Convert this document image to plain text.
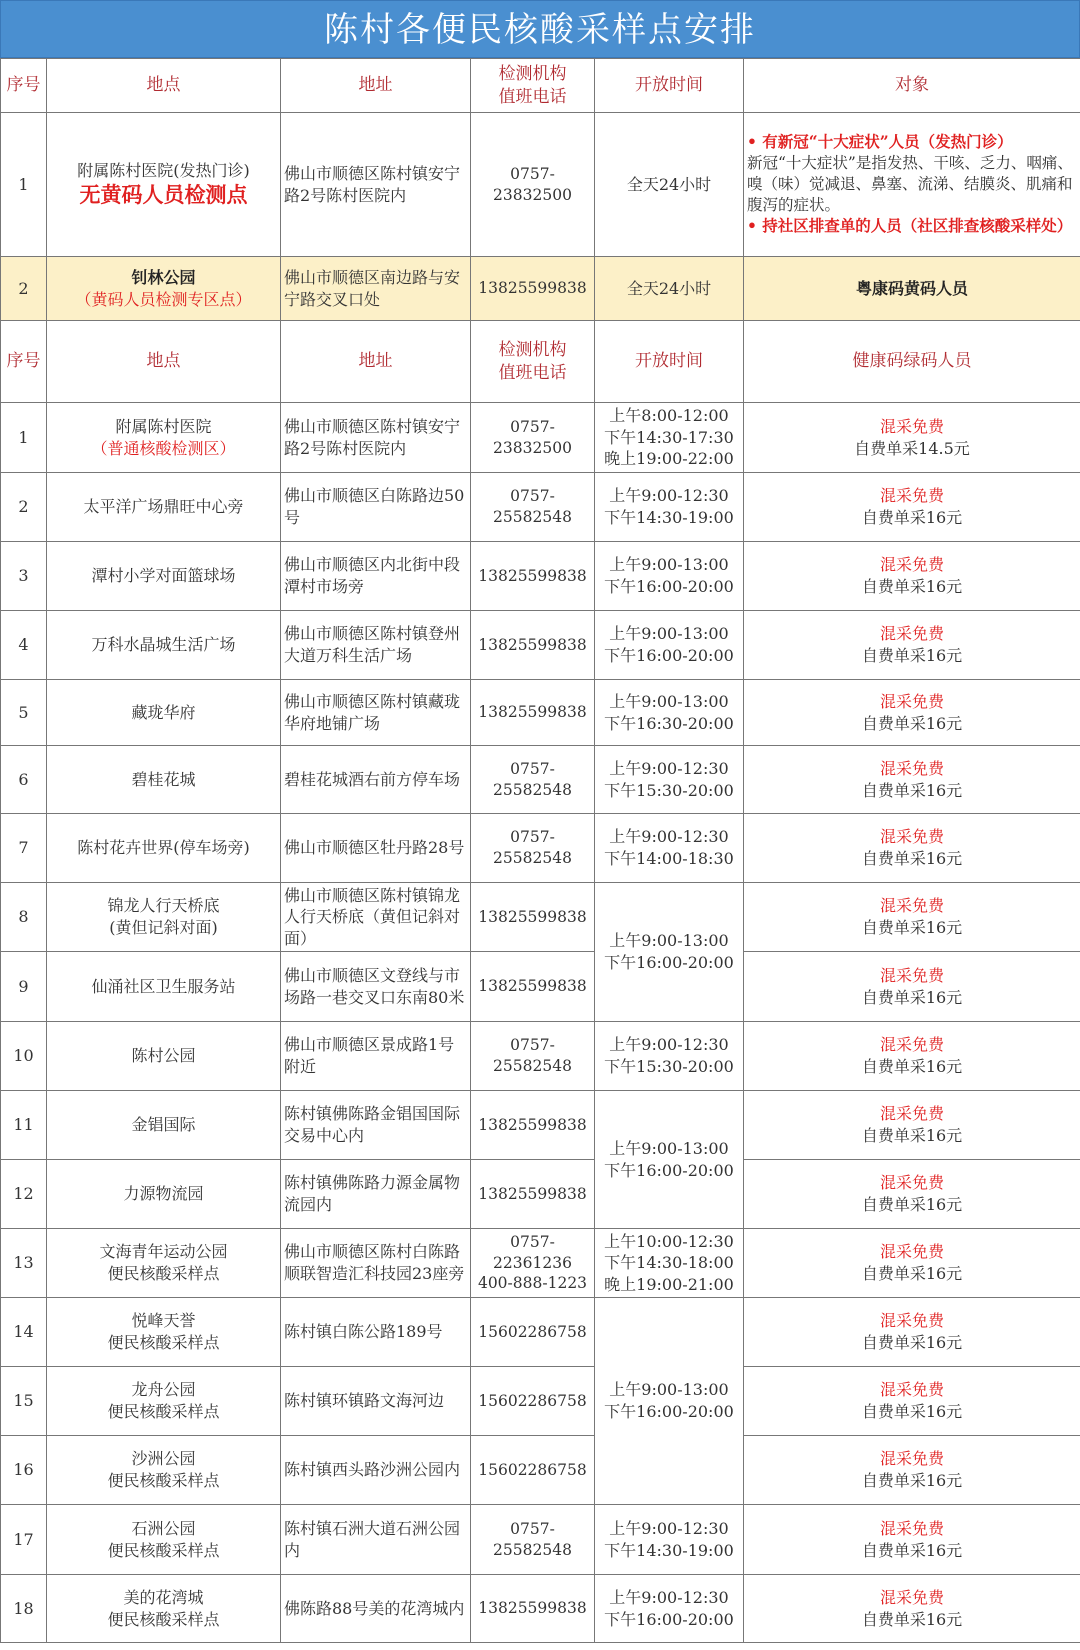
陈村各便民核酸采样点安排
序号	地点	地址	检测机构
值班电话	开放时间	对象
1	附属陈村医院(发热门诊)
无黄码人员检测点	佛山市顺德区陈村镇安宁路2号陈村医院内	0757-23832500	全天24小时	• 有新冠“十大症状”人员（发热门诊）
新冠“十大症状”是指发热、干咳、乏力、咽痛、嗅（味）觉减退、鼻塞、流涕、结膜炎、肌痛和腹泻的症状。
• 持社区排查单的人员（社区排查核酸采样处）
2	钊林公园
（黄码人员检测专区点）	佛山市顺德区南边路与安宁路交叉口处	13825599838	全天24小时	粤康码黄码人员
序号	地点	地址	检测机构
值班电话	开放时间	健康码绿码人员
1	附属陈村医院
（普通核酸检测区）	佛山市顺德区陈村镇安宁路2号陈村医院内	0757-23832500	上午8:00-12:00
下午14:30-17:30
晚上19:00-22:00	混采免费
自费单采14.5元
2	太平洋广场鼎旺中心旁	佛山市顺德区白陈路边50号	0757-25582548	上午9:00-12:30
下午14:30-19:00	混采免费
自费单采16元
3	潭村小学对面篮球场	佛山市顺德区内北街中段潭村市场旁	13825599838	上午9:00-13:00
下午16:00-20:00	混采免费
自费单采16元
4	万科水晶城生活广场	佛山市顺德区陈村镇登州大道万科生活广场	13825599838	上午9:00-13:00
下午16:00-20:00	混采免费
自费单采16元
5	藏珑华府	佛山市顺德区陈村镇藏珑华府地铺广场	13825599838	上午9:00-13:00
下午16:30-20:00	混采免费
自费单采16元
6	碧桂花城	碧桂花城酒右前方停车场	0757-25582548	上午9:00-12:30
下午15:30-20:00	混采免费
自费单采16元
7	陈村花卉世界(停车场旁)	佛山市顺德区牡丹路28号	0757-25582548	上午9:00-12:30
下午14:00-18:30	混采免费
自费单采16元
8	锦龙人行天桥底
(黄但记斜对面)	佛山市顺德区陈村镇锦龙人行天桥底（黄但记斜对面）	13825599838	上午9:00-13:00
下午16:00-20:00	混采免费
自费单采16元
9	仙涌社区卫生服务站	佛山市顺德区文登线与市场路一巷交叉口东南80米	13825599838		混采免费
自费单采16元
10	陈村公园	佛山市顺德区景成路1号附近	0757-25582548	上午9:00-12:30
下午15:30-20:00	混采免费
自费单采16元
11	金锠国际	陈村镇佛陈路金锠国国际交易中心内	13825599838	上午9:00-13:00
下午16:00-20:00	混采免费
自费单采16元
12	力源物流园	陈村镇佛陈路力源金属物流园内	13825599838		混采免费
自费单采16元
13	文海青年运动公园
便民核酸采样点	佛山市顺德区陈村白陈路顺联智造汇科技园23座旁	0757-22361236
400-888-1223	上午10:00-12:30
下午14:30-18:00
晚上19:00-21:00	混采免费
自费单采16元
14	悦峰天誉
便民核酸采样点	陈村镇白陈公路189号	15602286758	上午9:00-13:00
下午16:00-20:00	混采免费
自费单采16元
15	龙舟公园
便民核酸采样点	陈村镇环镇路文海河边	15602286758		混采免费
自费单采16元
16	沙洲公园
便民核酸采样点	陈村镇西头路沙洲公园内	15602286758		混采免费
自费单采16元
17	石洲公园
便民核酸采样点	陈村镇石洲大道石洲公园内	0757-25582548	上午9:00-12:30
下午14:30-19:00	混采免费
自费单采16元
18	美的花湾城
便民核酸采样点	佛陈路88号美的花湾城内	13825599838	上午9:00-12:30
下午16:00-20:00	混采免费
自费单采16元
